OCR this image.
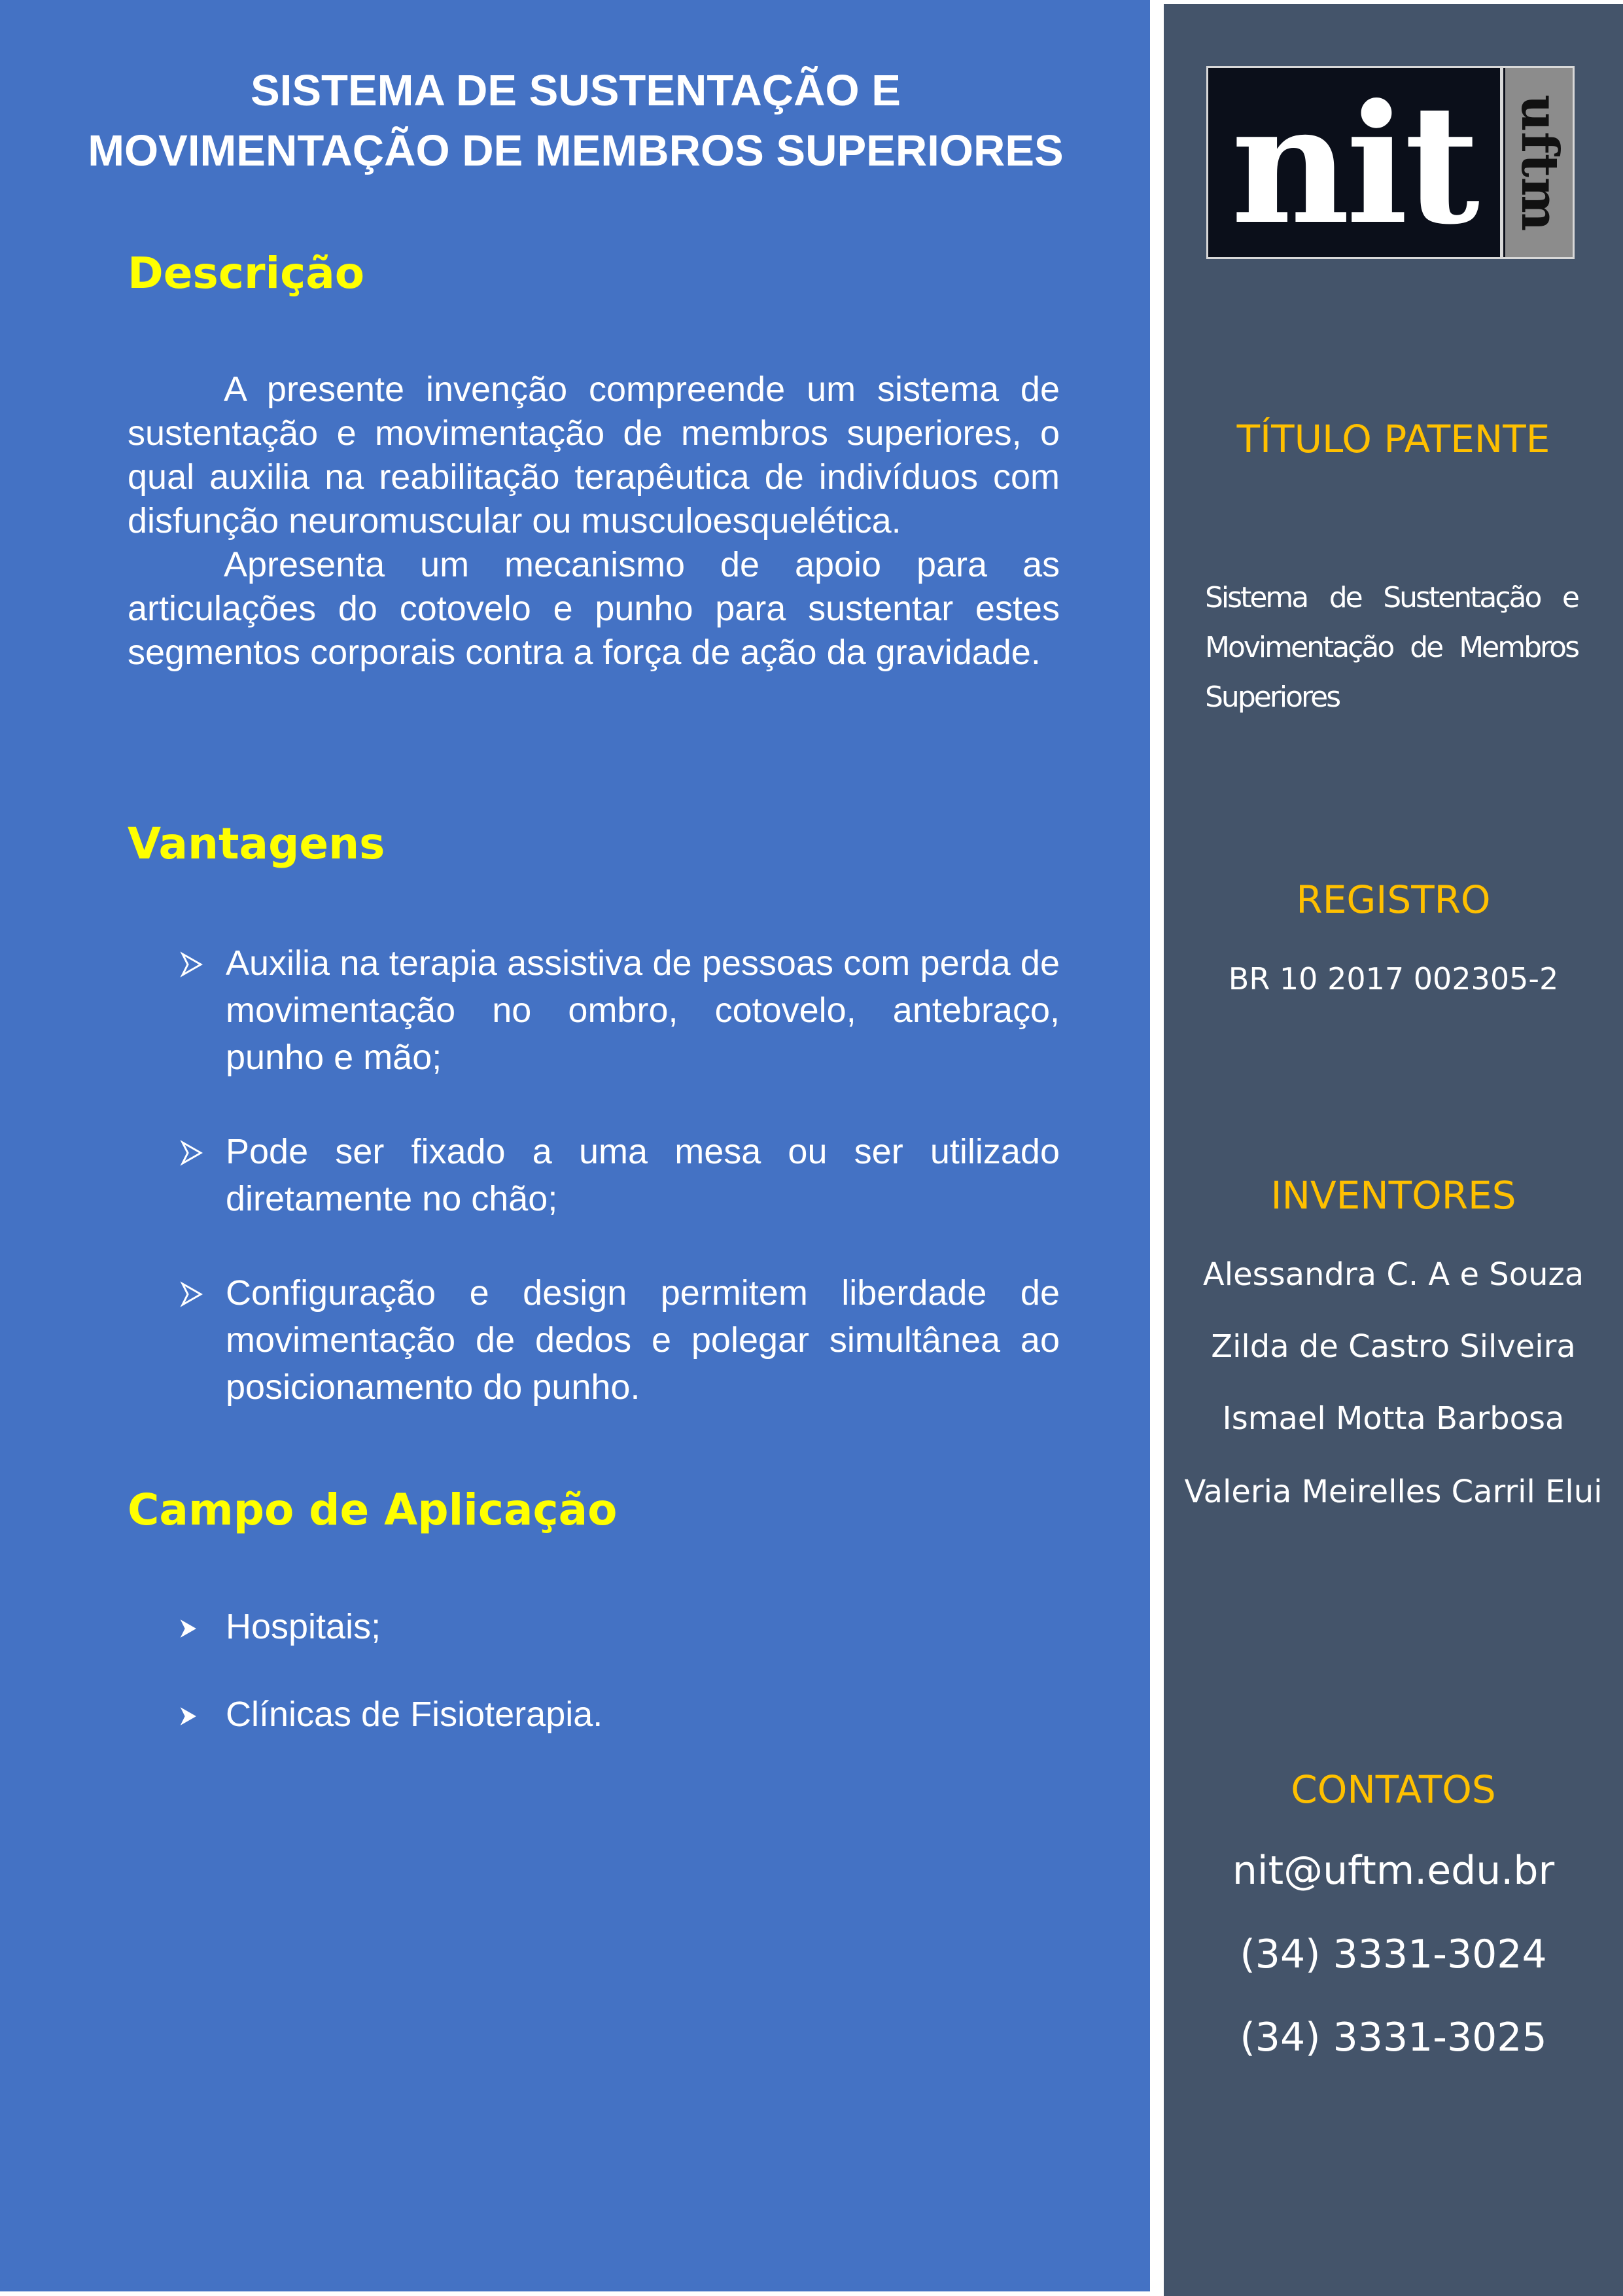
SISTEMA DE SUSTENTAÇÃO E
MOVIMENTAÇÃO DE MEMBROS SUPERIORES
Descrição

A presente invenção compreende um sistema de sustentação e movimentação de membros superiores, o qual auxilia na reabilitação terapêutica de indivíduos com disfunção neuromuscular ou musculoesquelética.

Apresenta um mecanismo de apoio para as articulações do cotovelo e punho para sustentar estes segmentos corporais contra a força de ação da gravidade.

Vantagens
Auxilia na terapia assistiva de pessoas com perda de movimentação no ombro, cotovelo, antebraço, punho e mão;
Pode ser fixado a uma mesa ou ser utilizado diretamente no chão;
Configuração e design permitem liberdade de movimentação de dedos e polegar simultânea ao posicionamento do punho.
Campo de Aplicação
Hospitais;
Clínicas de Fisioterapia.
nit uftm
TÍTULO PATENTE

Sistema de Sustentação e Movimentação de Membros Superiores

REGISTRO

BR 10 2017 002305-2

INVENTORES

Alessandra C. A e Souza

Zilda de Castro Silveira

Ismael Motta Barbosa

Valeria Meirelles Carril Elui

CONTATOS

nit@uftm.edu.br

(34) 3331-3024

(34) 3331-3025
